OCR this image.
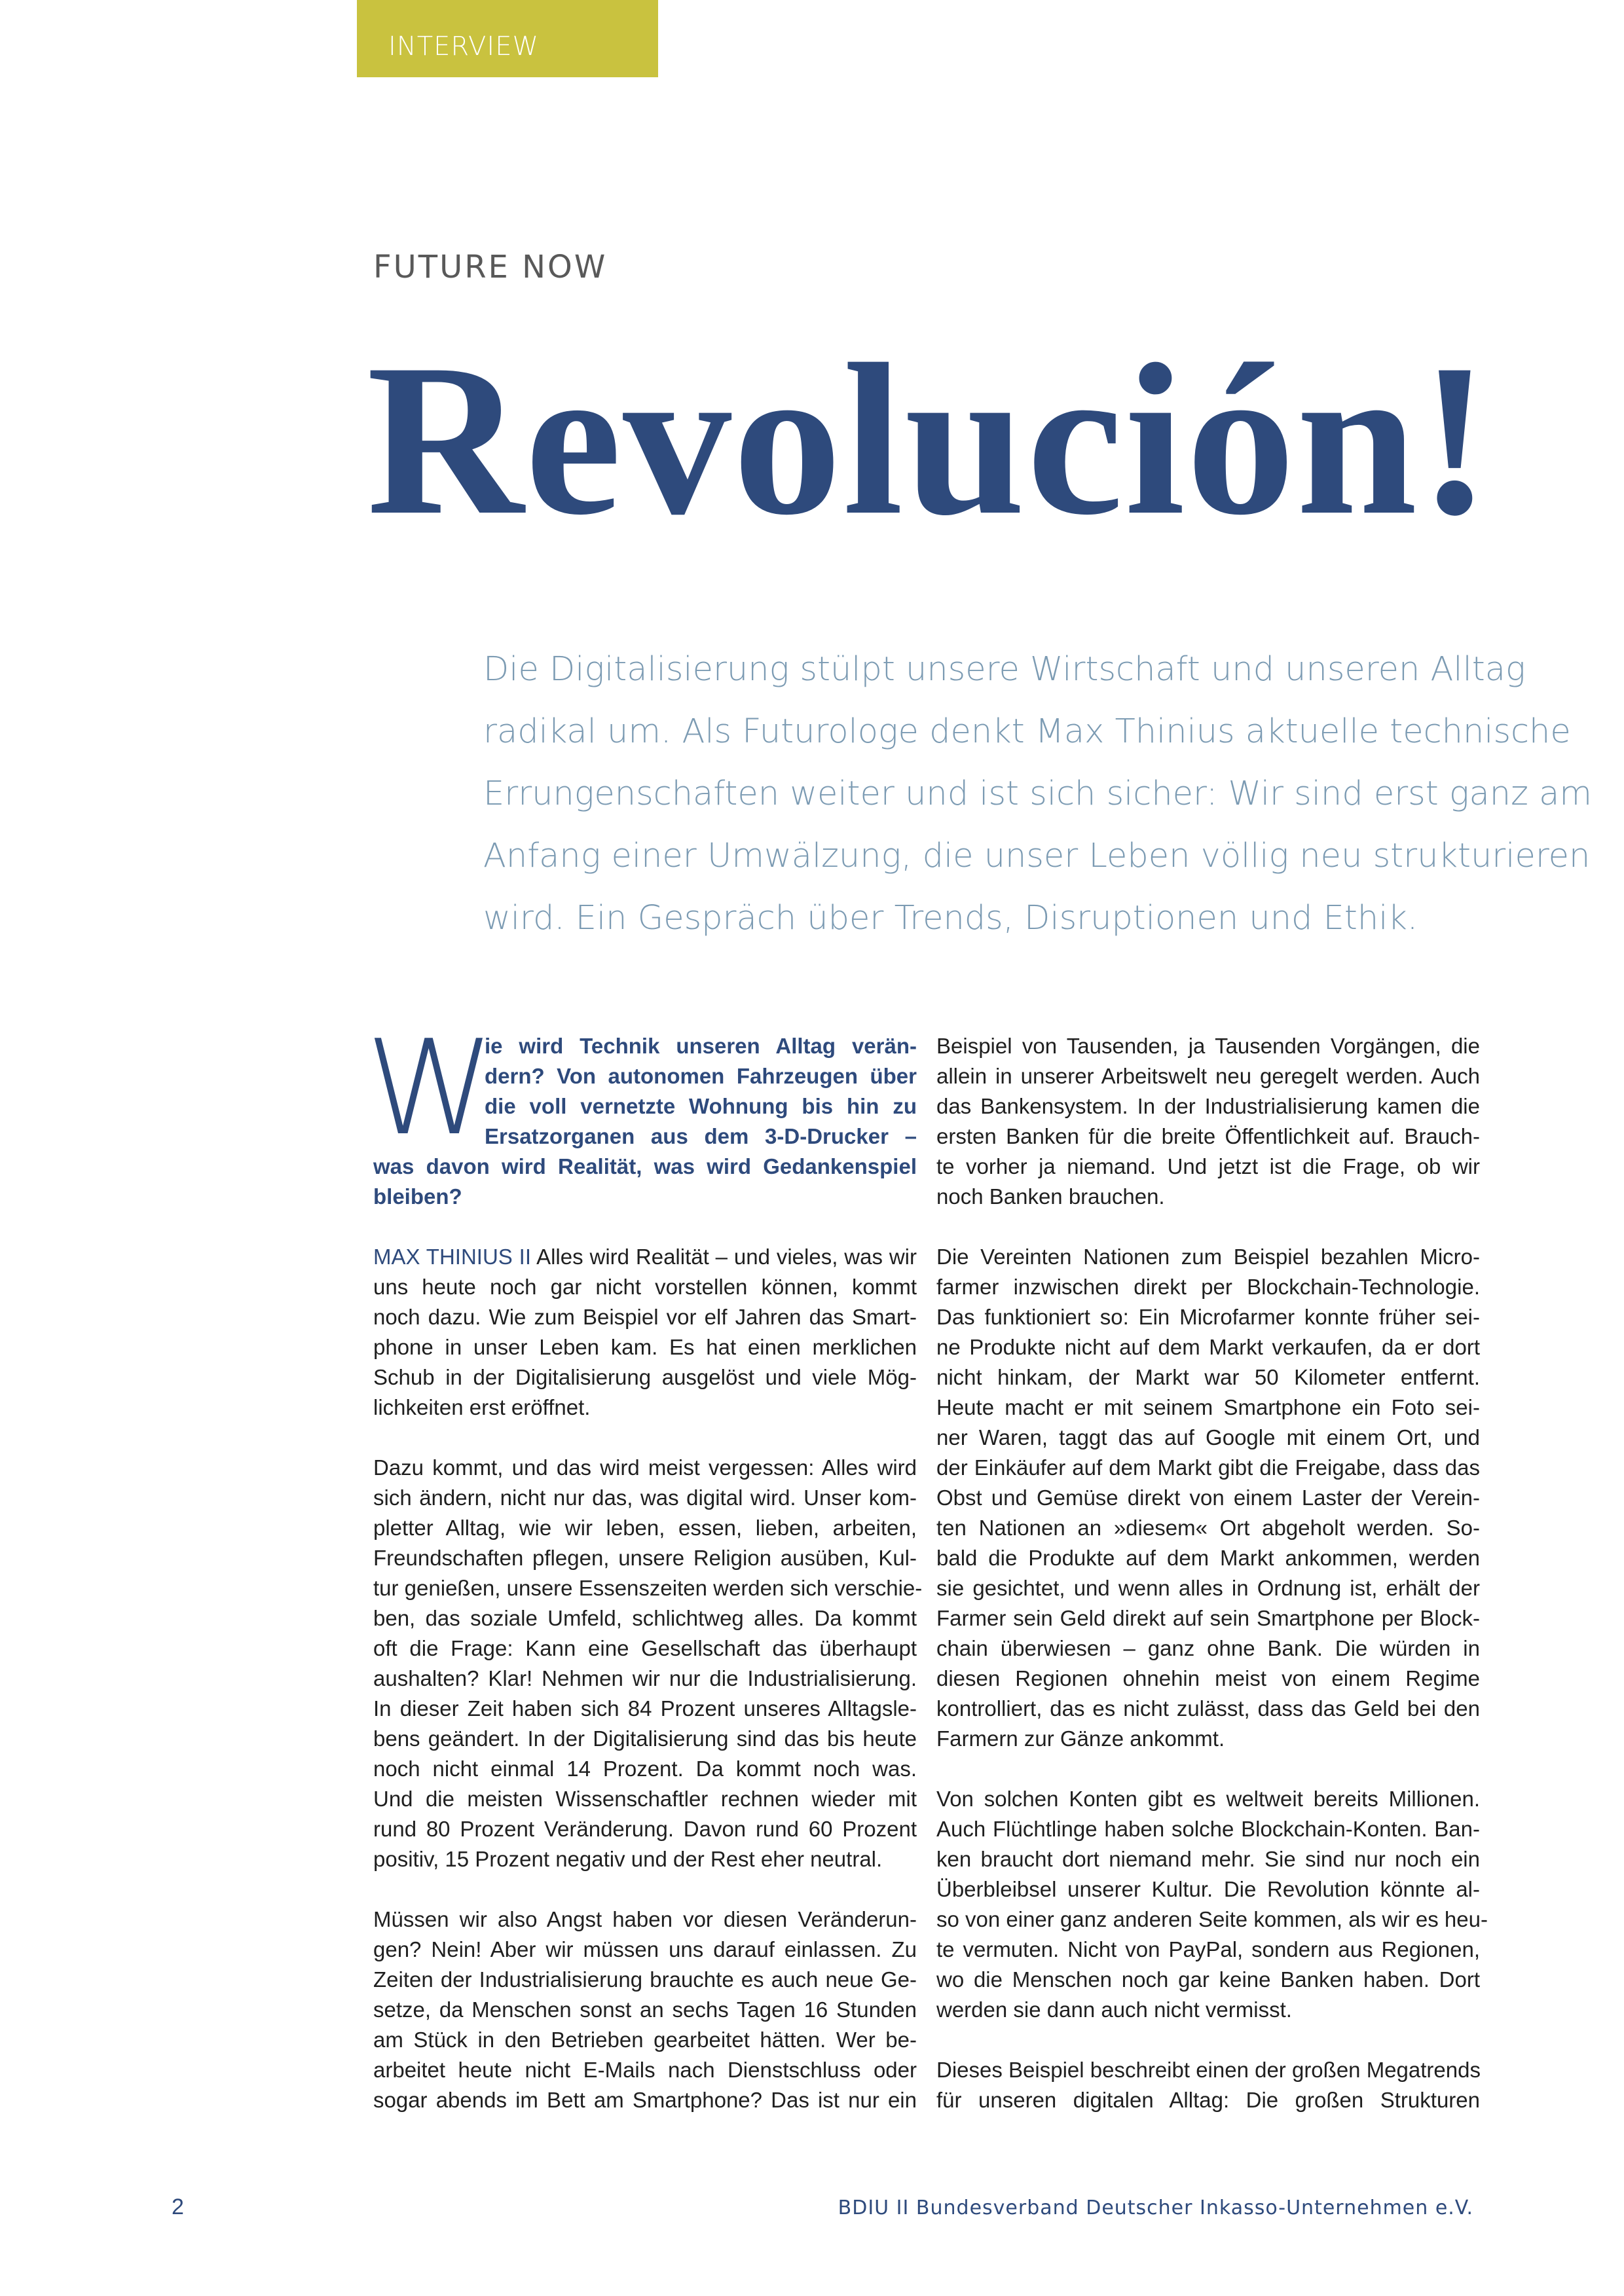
INTERVIEW
FUTURE NOW
Revolución!

Die Digitalisierung stülpt unsere Wirtschaft und unseren Alltag

radikal um. Als Futurologe denkt Max Thinius aktuelle technische

Errungenschaften weiter und ist sich sicher: Wir sind erst ganz am

Anfang einer Umwälzung, die unser Leben völlig neu strukturieren

wird. Ein Gespräch über Trends, Disruptionen und Ethik.

W
ie wird Technik unseren Alltag verän-
dern? Von autonomen Fahrzeugen über
die voll vernetzte Wohnung bis hin zu
Ersatzorganen aus dem 3-D-Drucker –
was davon wird Realität, was wird Gedankenspiel
bleiben?
MAX THINIUS II Alles wird Realität – und vieles, was wir
uns heute noch gar nicht vorstellen können, kommt
noch dazu. Wie zum Beispiel vor elf Jahren das Smart-
phone in unser Leben kam. Es hat einen merklichen
Schub in der Digitalisierung ausgelöst und viele Mög-
lichkeiten erst eröffnet.
Dazu kommt, und das wird meist vergessen: Alles wird
sich ändern, nicht nur das, was digital wird. Unser kom-
pletter Alltag, wie wir leben, essen, lieben, arbeiten,
Freundschaften pflegen, unsere Religion ausüben, Kul-
tur genießen, unsere Essenszeiten werden sich verschie-
ben, das soziale Umfeld, schlichtweg alles. Da kommt
oft die Frage: Kann eine Gesellschaft das überhaupt
aushalten? Klar! Nehmen wir nur die Industrialisierung.
In dieser Zeit haben sich 84 Prozent unseres Alltagsle-
bens geändert. In der Digitalisierung sind das bis heute
noch nicht einmal 14 Prozent. Da kommt noch was.
Und die meisten Wissenschaftler rechnen wieder mit
rund 80 Prozent Veränderung. Davon rund 60 Prozent
positiv, 15 Prozent negativ und der Rest eher neutral.
Müssen wir also Angst haben vor diesen Veränderun-
gen? Nein! Aber wir müssen uns darauf einlassen. Zu
Zeiten der Industrialisierung brauchte es auch neue Ge-
setze, da Menschen sonst an sechs Tagen 16 Stunden
am Stück in den Betrieben gearbeitet hätten. Wer be-
arbeitet heute nicht E-Mails nach Dienstschluss oder
sogar abends im Bett am Smartphone? Das ist nur ein
Beispiel von Tausenden, ja Tausenden Vorgängen, die
allein in unserer Arbeitswelt neu geregelt werden. Auch
das Bankensystem. In der Industrialisierung kamen die
ersten Banken für die breite Öffentlichkeit auf. Brauch-
te vorher ja niemand. Und jetzt ist die Frage, ob wir
noch Banken brauchen.
Die Vereinten Nationen zum Beispiel bezahlen Micro-
farmer inzwischen direkt per Blockchain-Technologie.
Das funktioniert so: Ein Microfarmer konnte früher sei-
ne Produkte nicht auf dem Markt verkaufen, da er dort
nicht hinkam, der Markt war 50 Kilometer entfernt.
Heute macht er mit seinem Smartphone ein Foto sei-
ner Waren, taggt das auf Google mit einem Ort, und
der Einkäufer auf dem Markt gibt die Freigabe, dass das
Obst und Gemüse direkt von einem Laster der Verein-
ten Nationen an »diesem« Ort abgeholt werden. So-
bald die Produkte auf dem Markt ankommen, werden
sie gesichtet, und wenn alles in Ordnung ist, erhält der
Farmer sein Geld direkt auf sein Smartphone per Block-
chain überwiesen – ganz ohne Bank. Die würden in
diesen Regionen ohnehin meist von einem Regime
kontrolliert, das es nicht zulässt, dass das Geld bei den
Farmern zur Gänze ankommt.
Von solchen Konten gibt es weltweit bereits Millionen.
Auch Flüchtlinge haben solche Blockchain-Konten. Ban-
ken braucht dort niemand mehr. Sie sind nur noch ein
Überbleibsel unserer Kultur. Die Revolution könnte al-
so von einer ganz anderen Seite kommen, als wir es heu-
te vermuten. Nicht von PayPal, sondern aus Regionen,
wo die Menschen noch gar keine Banken haben. Dort
werden sie dann auch nicht vermisst.
Dieses Beispiel beschreibt einen der großen Megatrends
für unseren digitalen Alltag: Die großen Strukturen
2	BDIU II Bundesverband Deutscher Inkasso-Unternehmen e.V.
